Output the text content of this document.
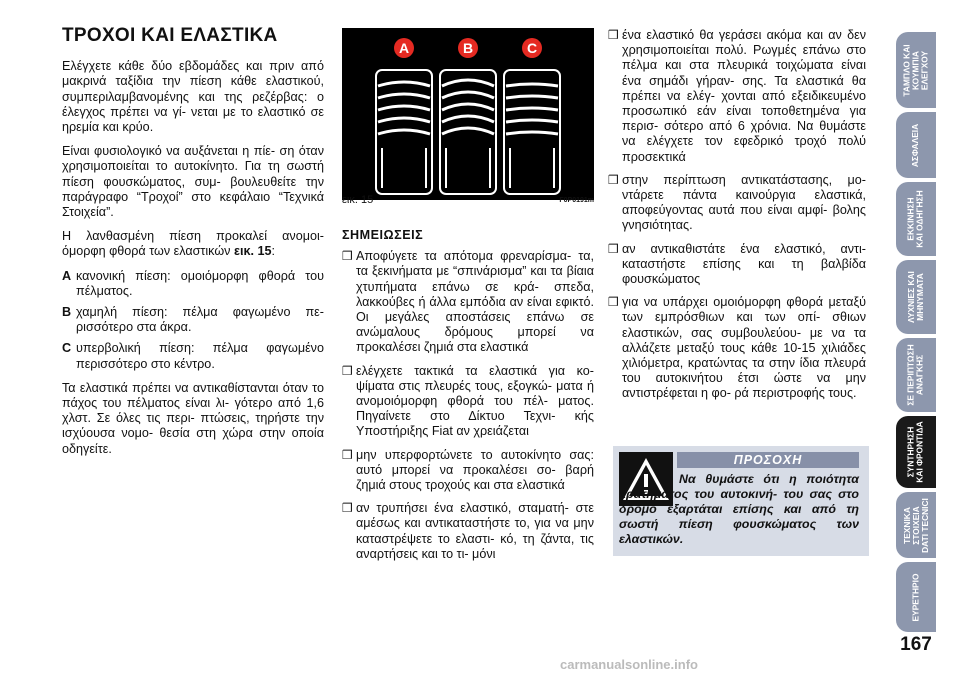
ΤΡΟΧΟΙ ΚΑΙ ΕΛΑΣΤΙΚΑ

Ελέγχετε κάθε δύο εβδομάδες και πριν από μακρινά ταξίδια την πίεση κάθε ελαστικού, συμπεριλαμβανομένης και της ρεζέρβας: ο έλεγχος πρέπει να γί- νεται με το ελαστικό σε ηρεμία και κρύο.

Είναι φυσιολογικό να αυξάνεται η πίε- ση όταν χρησιμοποιείται το αυτοκίνητο. Για τη σωστή πίεση φουσκώματος, συμ- βουλευθείτε την παράγραφο “Τροχοί” στο κεφάλαιο “Τεχνικά Στοιχεία”.

Η λανθασμένη πίεση προκαλεί ανομοι- όμορφη φθορά των ελαστικών εικ. 15:

A κανονική πίεση: ομοιόμορφη φθορά του πέλματος.
B χαμηλή πίεση: πέλμα φαγωμένο πε- ρισσότερο στα άκρα.
C υπερβολική πίεση: πέλμα φαγωμένο περισσότερο στο κέντρο.

Τα ελαστικά πρέπει να αντικαθίστανται όταν το πάχος του πέλματος είναι λι- γότερο από 1,6 χλστ. Σε όλες τις περι- πτώσεις, τηρήστε την ισχύουσα νομο- θεσία στη χώρα στην οποία οδηγείτε.

A	B	C
εικ. 15	F0P0191m
ΣΗΜΕΙΩΣΕΙΣ
❒ Αποφύγετε τα απότομα φρεναρίσμα- τα, τα ξεκινήματα με “σπινάρισμα” και τα βίαια χτυπήματα επάνω σε κρά- σπεδα, λακκούβες ή άλλα εμπόδια αν είναι εφικτό. Οι μεγάλες αποστάσεις επάνω σε ανώμαλους δρόμους μπορεί να προκαλέσει ζημιά στα ελαστικά
❒ ελέγχετε τακτικά τα ελαστικά για κο- ψίματα στις πλευρές τους, εξογκώ- ματα ή ανομοιόμορφη φθορά του πέλ- ματος. Πηγαίνετε στο Δίκτυο Τεχνι- κής Υποστήριξης Fiat αν χρειάζεται
❒ μην υπερφορτώνετε το αυτοκίνητο σας: αυτό μπορεί να προκαλέσει σο- βαρή ζημιά στους τροχούς και στα ελαστικά
❒ αν τρυπήσει ένα ελαστικό, σταματή- στε αμέσως και αντικαταστήστε το, για να μην καταστρέψετε το ελαστι- κό, τη ζάντα, τις αναρτήσεις και το τι- μόνι
❒ ένα ελαστικό θα γεράσει ακόμα και αν δεν χρησιμοποιείται πολύ. Ρωγμές επάνω στο πέλμα και στα πλευρικά τοιχώματα είναι ένα σημάδι γήραν- σης. Τα ελαστικά θα πρέπει να ελέγ- χονται από εξειδικευμένο προσωπικό εάν είναι τοποθετημένα για περισ- σότερο από 6 χρόνια. Να θυμάστε να ελέγχετε τον εφεδρικό τροχό πολύ προσεκτικά
❒ στην περίπτωση αντικατάστασης, μο- ντάρετε πάντα καινούργια ελαστικά, αποφεύγοντας αυτά που είναι αμφί- βολης γνησιότητας.
❒ αν αντικαθιστάτε ένα ελαστικό, αντι- καταστήστε επίσης και τη βαλβίδα φουσκώματος
❒ για να υπάρχει ομοιόμορφη φθορά μεταξύ των εμπρόσθιων και των οπί- σθιων ελαστικών, σας συμβουλεύου- με να τα αλλάζετε μεταξύ τους κάθε 10-15 χιλιάδες χιλιόμετρα, κρατώντας τα στην ίδια πλευρά του αυτοκινήτου έτσι ώστε να μην αντιστρέφεται η φο- ρά περιστροφής τους.
ΠΡΟΣΟΧΗ
Να θυμάστε ότι η ποιότητα κρατήματος του αυτοκινή- του σας στο δρόμο εξαρτάται επίσης και από τη σωστή πίεση φουσκώματος των ελαστικών.
ΤΑΜΠΛΟ ΚΑΙ
ΚΟΥΜΠΙΑ
ΕΛΕΓΧΟΥ
ΑΣΦΑΛΕΙΑ
ΕΚΚΙΝΗΣΗ
ΚΑΙ ΟΔΗΓΗΣΗ
ΛΥΧΝΙΕΣ ΚΑΙ
ΜΗΝΥΜΑΤΑ
ΣΕ ΠΕΡΙΠΤΩΣΗ
ΑΝΑΓΚΗΣ
ΣΥΝΤΗΡΗΣΗ
ΚΑΙ ΦΡΟΝΤΙΔΑ
ΤΕΧΝΙΚΑ
ΣΤΟΙΧΕΙΑ
DATI TECNICI
ΕΥΡΕΤΗΡΙΟ
167
carmanualsonline.info
